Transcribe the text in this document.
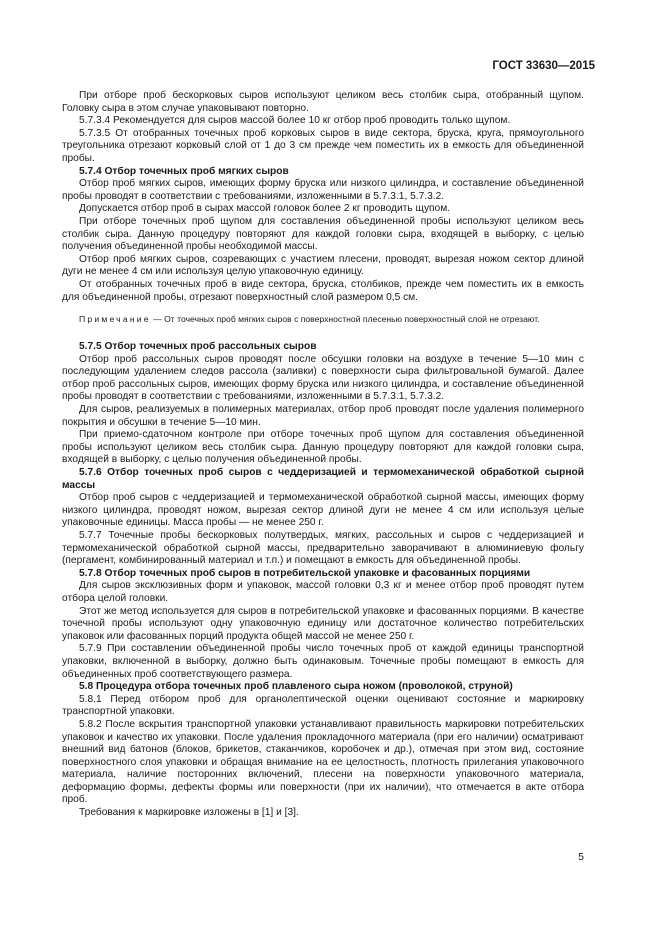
ГОСТ 33630—2015

При отборе проб бескорковых сыров используют целиком весь столбик сыра, отобранный щупом. Головку сыра в этом случае упаковывают повторно.

5.7.3.4 Рекомендуется для сыров массой более 10 кг отбор проб проводить только щупом.

5.7.3.5 От отобранных точечных проб корковых сыров в виде сектора, бруска, круга, прямоугольного треугольника отрезают корковый слой от 1 до 3 см прежде чем поместить их в емкость для объединенной пробы.

5.7.4 Отбор точечных проб мягких сыров

Отбор проб мягких сыров, имеющих форму бруска или низкого цилиндра, и составление объединенной пробы проводят в соответствии с требованиями, изложенными в 5.7.3.1, 5.7.3.2.

Допускается отбор проб в сырах массой головок более 2 кг проводить щупом.

При отборе точечных проб щупом для составления объединенной пробы используют целиком весь столбик сыра. Данную процедуру повторяют для каждой головки сыра, входящей в выборку, с целью получения объединенной пробы необходимой массы.

Отбор проб мягких сыров, созревающих с участием плесени, проводят, вырезая ножом сектор длиной дуги не менее 4 см или используя целую упаковочную единицу.

От отобранных точечных проб в виде сектора, бруска, столбиков, прежде чем поместить их в емкость для объединенной пробы, отрезают поверхностный слой размером 0,5 см.

Примечание — От точечных проб мягких сыров с поверхностной плесенью поверхностный слой не отрезают.

5.7.5 Отбор точечных проб рассольных сыров

Отбор проб рассольных сыров проводят после обсушки головки на воздухе в течение 5—10 мин с последующим удалением следов рассола (заливки) с поверхности сыра фильтровальной бумагой. Далее отбор проб рассольных сыров, имеющих форму бруска или низкого цилиндра, и составление объединенной пробы проводят в соответствии с требованиями, изложенными в 5.7.3.1, 5.7.3.2.

Для сыров, реализуемых в полимерных материалах, отбор проб проводят после удаления полимерного покрытия и обсушки в течение 5—10 мин.

При приемо-сдаточном контроле при отборе точечных проб щупом для составления объединенной пробы используют целиком весь столбик сыра. Данную процедуру повторяют для каждой головки сыра, входящей в выборку, с целью получения объединенной пробы.

5.7.6 Отбор точечных проб сыров с чеддеризацией и термомеханической обработкой сырной массы

Отбор проб сыров с чеддеризацией и термомеханической обработкой сырной массы, имеющих форму низкого цилиндра, проводят ножом, вырезая сектор длиной дуги не менее 4 см или используя целые упаковочные единицы. Масса пробы — не менее 250 г.

5.7.7 Точечные пробы бескорковых полутвердых, мягких, рассольных и сыров с чеддеризацией и термомеханической обработкой сырной массы, предварительно заворачивают в алюминиевую фольгу (пергамент, комбинированный материал и т.п.) и помещают в емкость для объединенной пробы.

5.7.8 Отбор точечных проб сыров в потребительской упаковке и фасованных порциями

Для сыров эксклюзивных форм и упаковок, массой головки 0,3 кг и менее отбор проб проводят путем отбора целой головки.

Этот же метод используется для сыров в потребительской упаковке и фасованных порциями. В качестве точечной пробы используют одну упаковочную единицу или достаточное количество потребительских упаковок или фасованных порций продукта общей массой не менее 250 г.

5.7.9 При составлении объединенной пробы число точечных проб от каждой единицы транспортной упаковки, включенной в выборку, должно быть одинаковым. Точечные пробы помещают в емкость для объединенных проб соответствующего размера.

5.8 Процедура отбора точечных проб плавленого сыра ножом (проволокой, струной)

5.8.1 Перед отбором проб для органолептической оценки оценивают состояние и маркировку транспортной упаковки.

5.8.2 После вскрытия транспортной упаковки устанавливают правильность маркировки потребительских упаковок и качество их упаковки. После удаления прокладочного материала (при его наличии) осматривают внешний вид батонов (блоков, брикетов, стаканчиков, коробочек и др.), отмечая при этом вид, состояние поверхностного слоя упаковки и обращая внимание на ее целостность, плотность прилегания упаковочного материала, наличие посторонних включений, плесени на поверхности упаковочного материала, деформацию формы, дефекты формы или поверхности (при их наличии), что отмечается в акте отбора проб.

Требования к маркировке изложены в [1] и [3].

5
